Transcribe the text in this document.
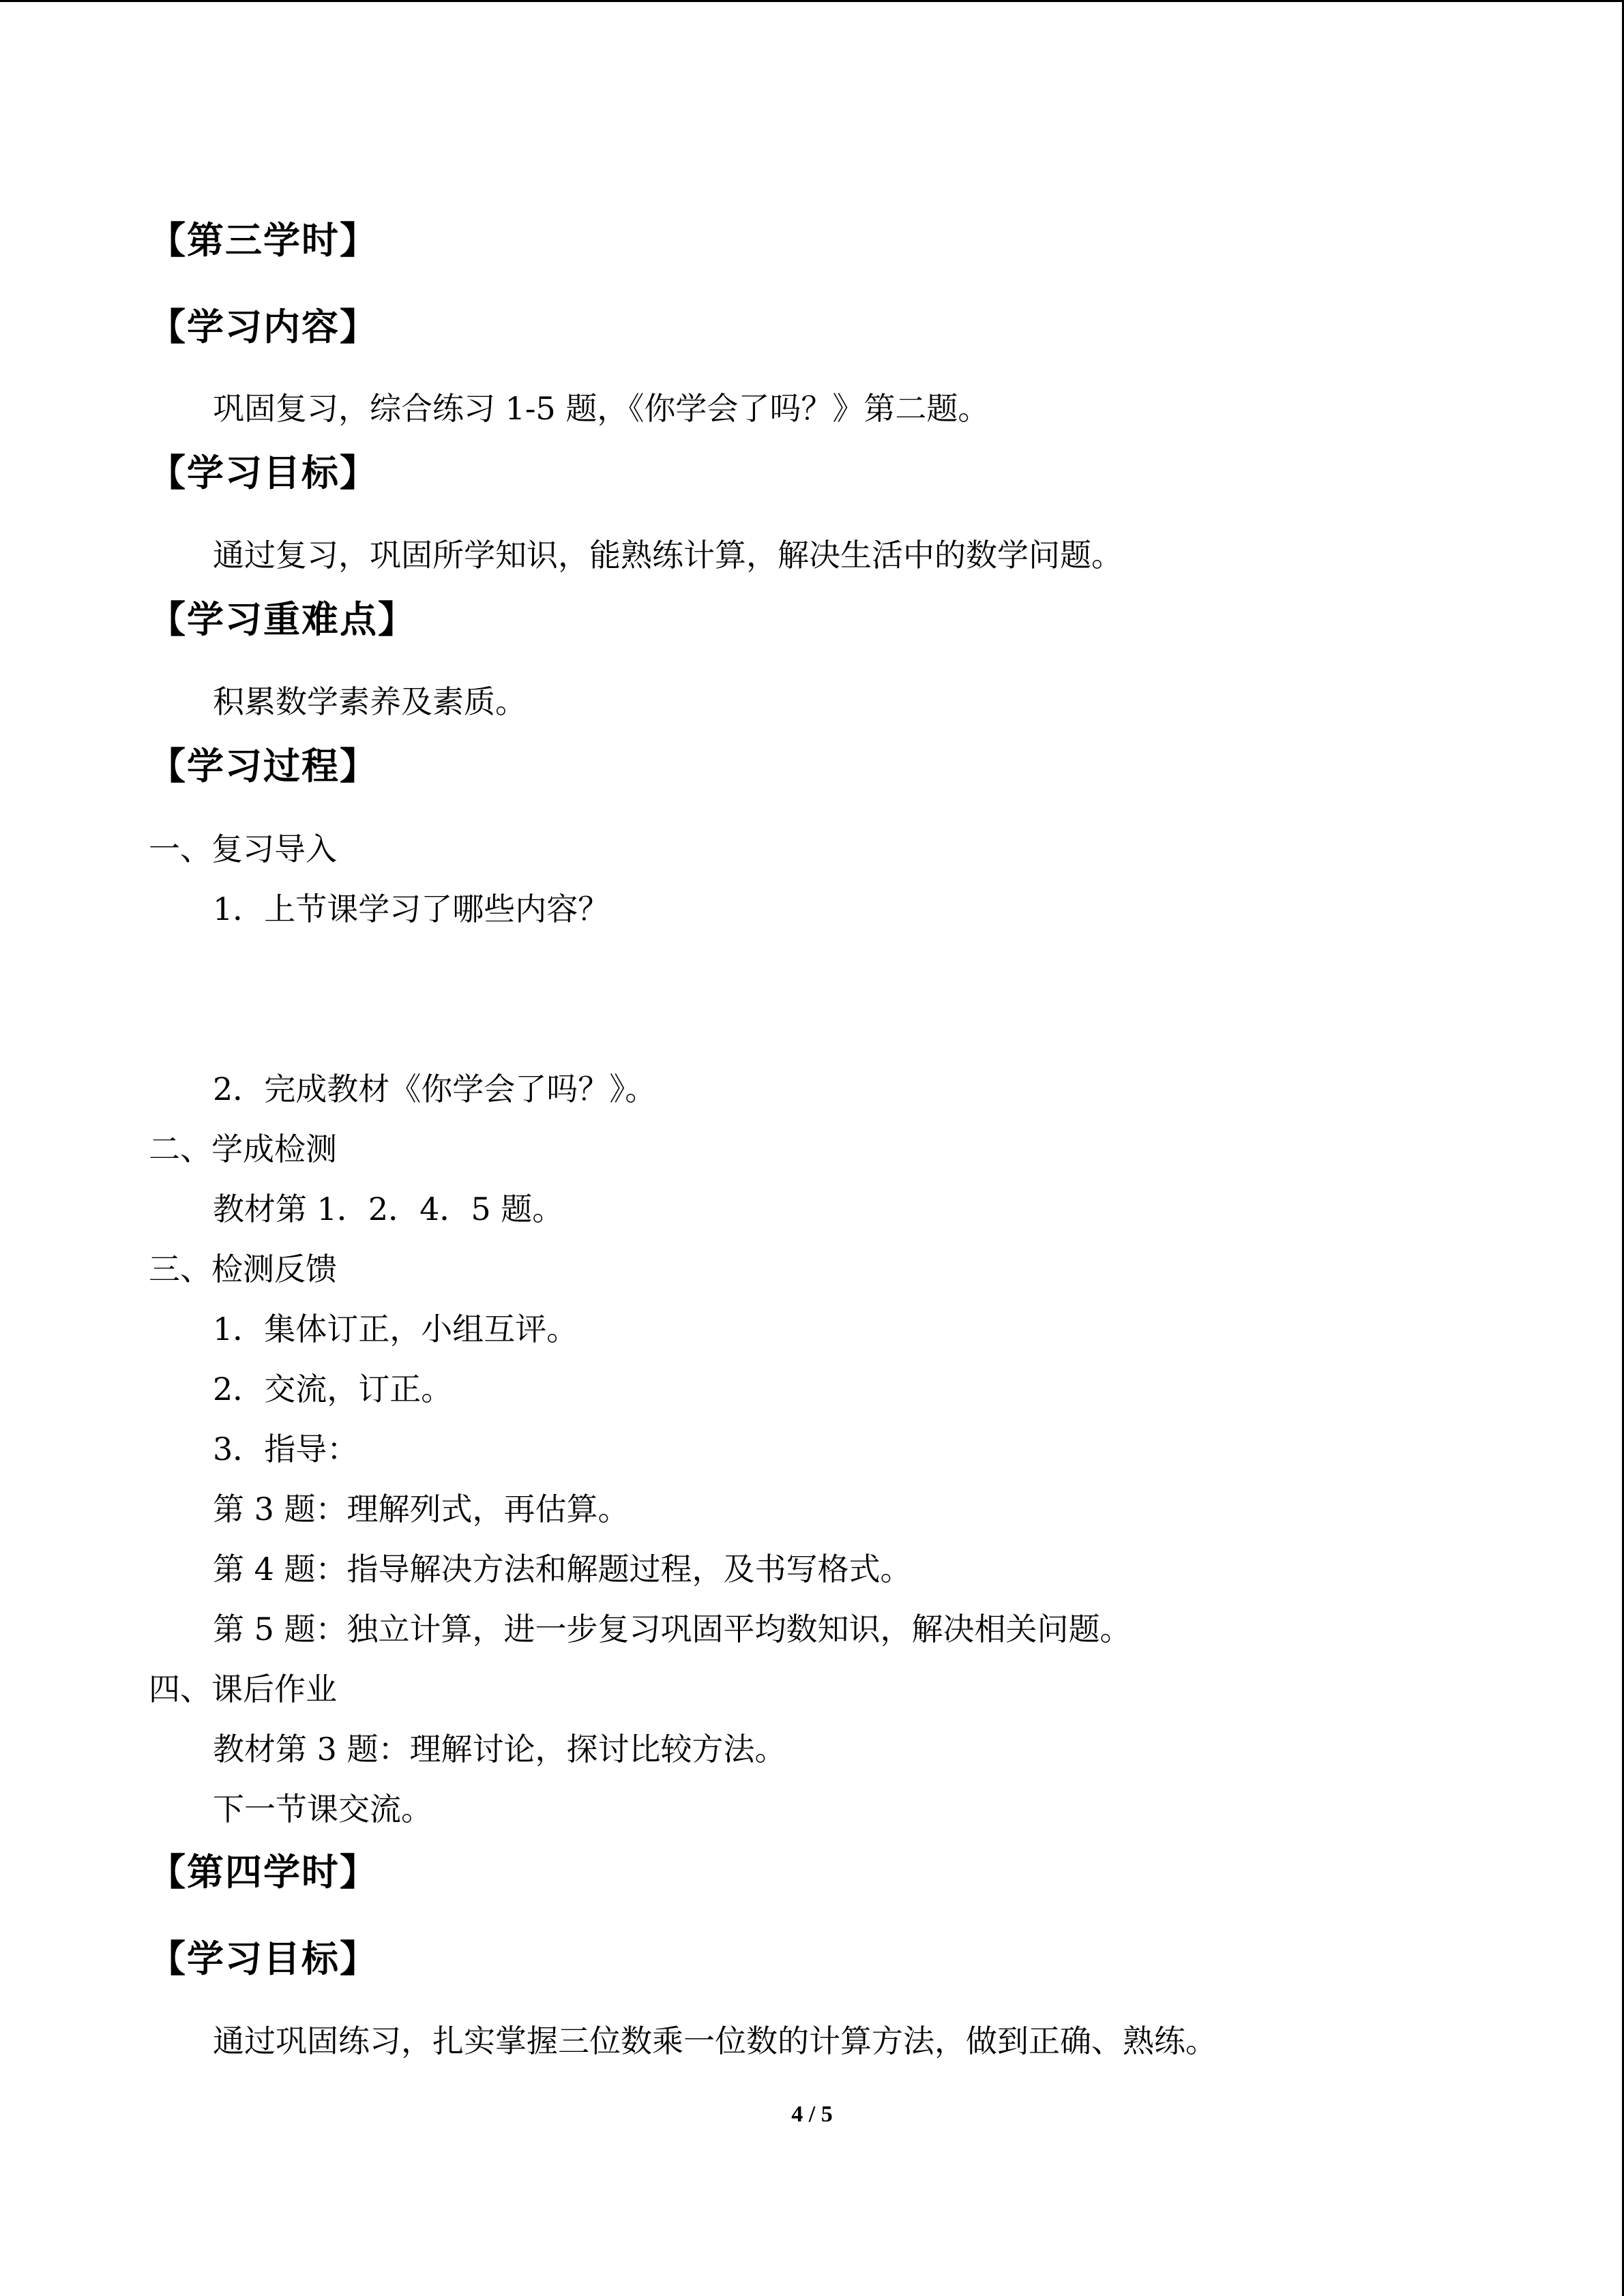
【第三学时】
【学习内容】
巩固复习，综合练习 1-5 题，《你学会了吗？》第二题。
【学习目标】
通过复习，巩固所学知识，能熟练计算，解决生活中的数学问题。
【学习重难点】
积累数学素养及素质。
【学习过程】
一、复习导入
1．上节课学习了哪些内容？
2．完成教材《你学会了吗？》。
二、学成检测
教材第 1．2．4．5 题。
三、检测反馈
1．集体订正，小组互评。
2．交流，订正。
3．指导：
第 3 题：理解列式，再估算。
第 4 题：指导解决方法和解题过程，及书写格式。
第 5 题：独立计算，进一步复习巩固平均数知识，解决相关问题。
四、课后作业
教材第 3 题：理解讨论，探讨比较方法。
下一节课交流。
【第四学时】
【学习目标】
通过巩固练习，扎实掌握三位数乘一位数的计算方法，做到正确、熟练。
4 / 5
